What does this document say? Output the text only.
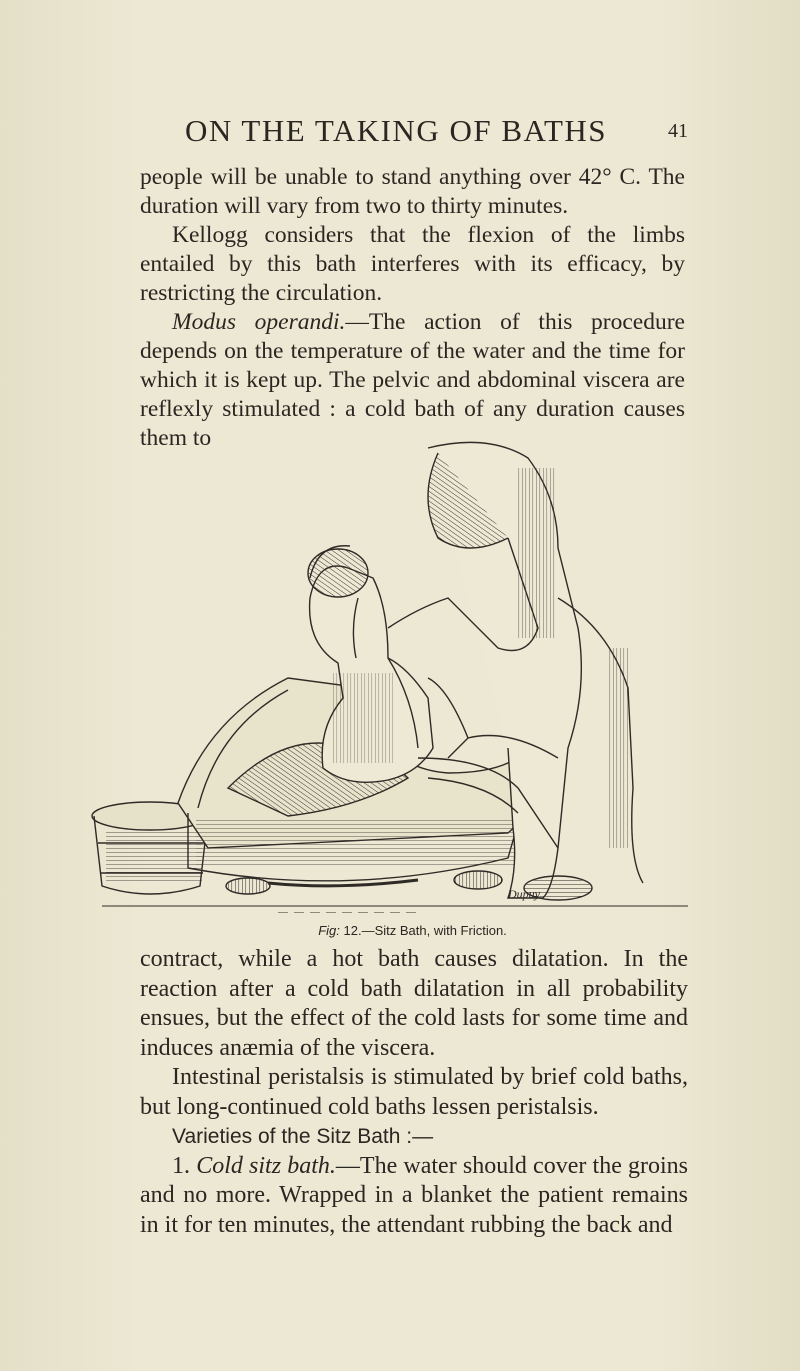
ON THE TAKING OF BATHS	41

people will be unable to stand anything over 42° C. The duration will vary from two to thirty minutes.

Kellogg considers that the flexion of the limbs entailed by this bath interferes with its efficacy, by restricting the circulation.

Modus operandi.—The action of this procedure depends on the temperature of the water and the time for which it is kept up. The pelvic and abdominal viscera are reflexly stimulated : a cold bath of any duration causes them to

Dupuy
Fig: 12.—Sitz Bath, with Friction.

contract, while a hot bath causes dilatation. In the reaction after a cold bath dilatation in all probability ensues, but the effect of the cold lasts for some time and induces anæmia of the viscera.

Intestinal peristalsis is stimulated by brief cold baths, but long-continued cold baths lessen peristalsis.

Varieties of the Sitz Bath :—

1. Cold sitz bath.—The water should cover the groins and no more. Wrapped in a blanket the patient remains in it for ten minutes, the attendant rubbing the back and
